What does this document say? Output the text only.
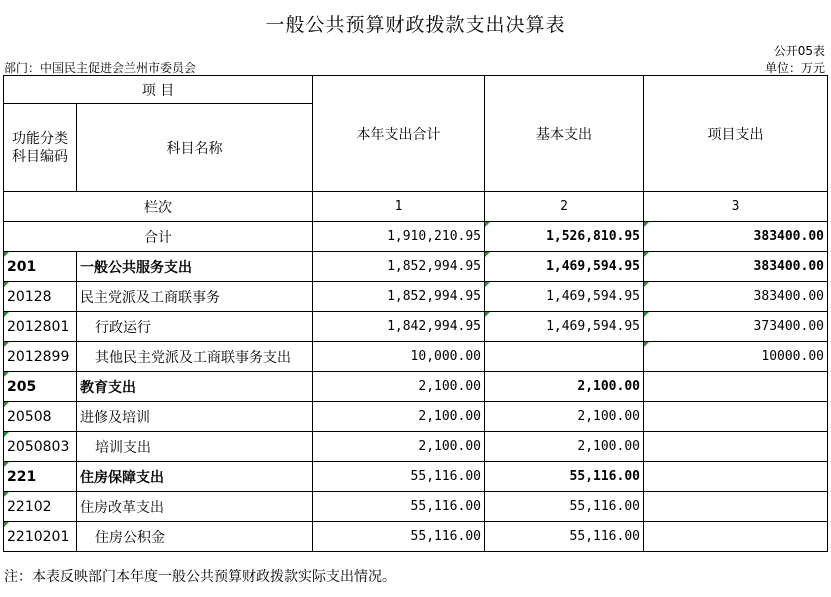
一般公共预算财政拨款支出决算表
公开05表
部门：中国民主促进会兰州市委员会	单位：万元
项 目		本年支出合计	基本支出	项目支出
功能分类
科目编码	科目名称			
栏次		1	2	3
合计		1,910,210.95	1,526,810.95	383400.00
201	一般公共服务支出	1,852,994.95	1,469,594.95	383400.00
20128	民主党派及工商联事务	1,852,994.95	1,469,594.95	383400.00
2012801	行政运行	1,842,994.95	1,469,594.95	373400.00
2012899	其他民主党派及工商联事务支出	10,000.00		10000.00
205	教育支出	2,100.00	2,100.00	
20508	进修及培训	2,100.00	2,100.00	
2050803	培训支出	2,100.00	2,100.00	
221	住房保障支出	55,116.00	55,116.00	
22102	住房改革支出	55,116.00	55,116.00	
2210201	住房公积金	55,116.00	55,116.00	
注：本表反映部门本年度一般公共预算财政拨款实际支出情况。
